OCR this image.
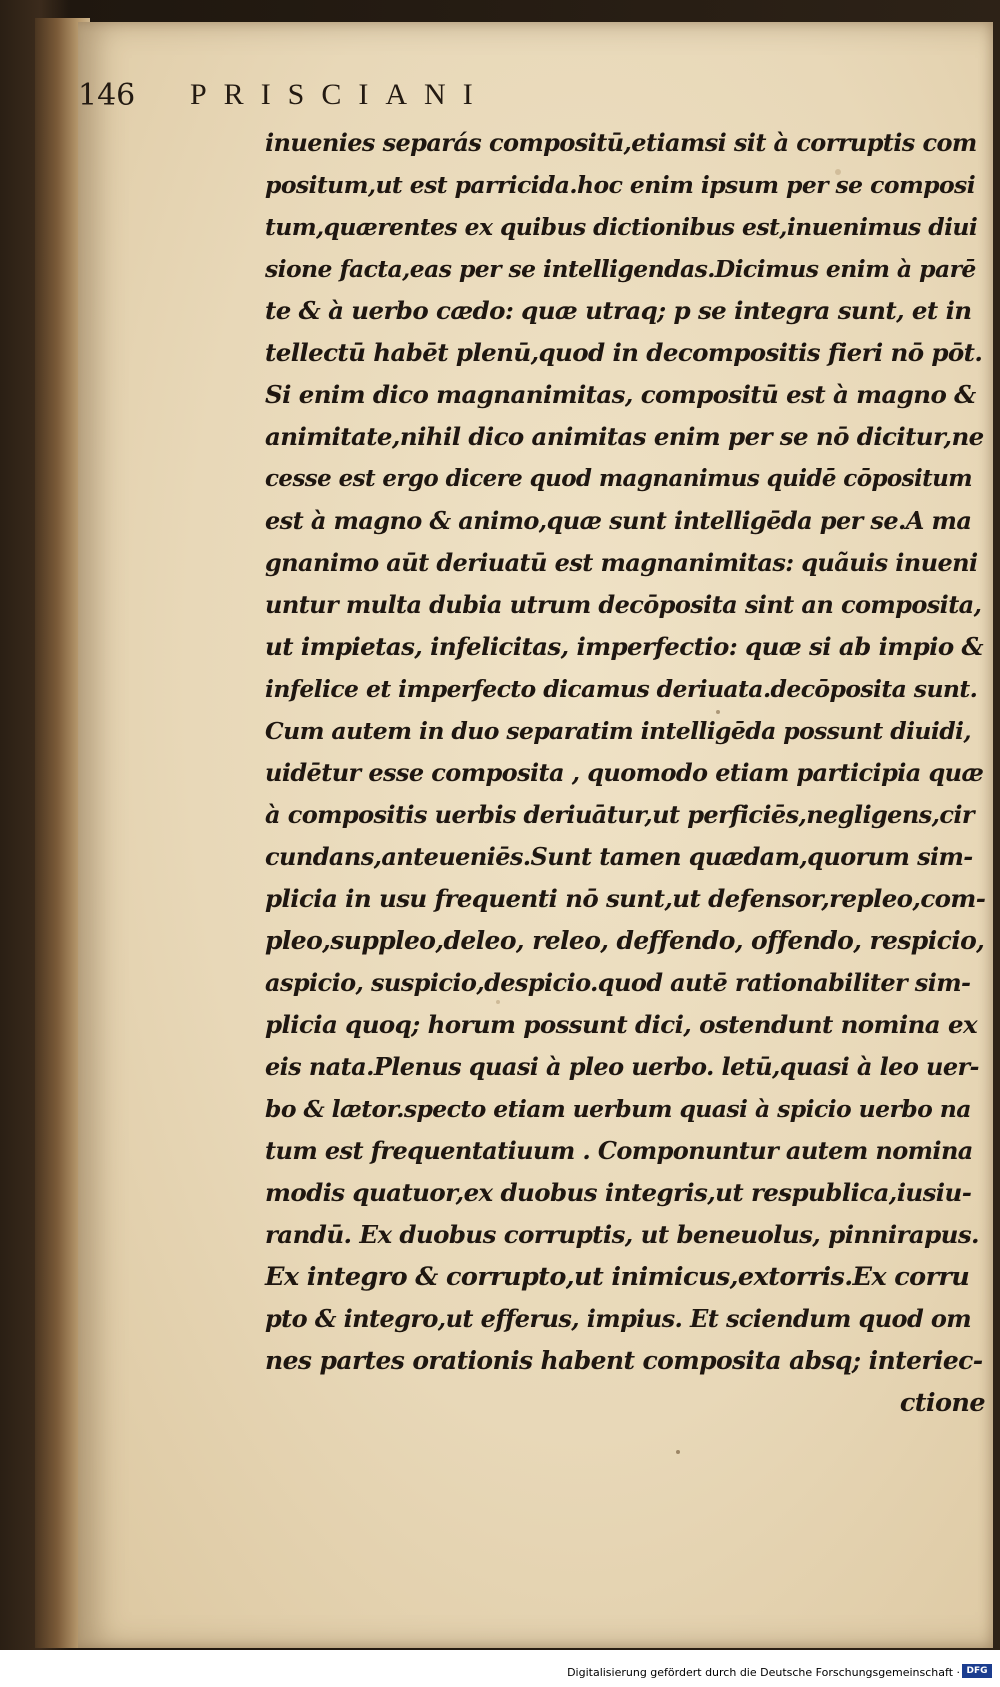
146 PRISCIANI
inuenies separás compositū,etiamsi sit à corruptis com
positum,ut est parricida.hoc enim ipsum per se composi
tum,quærentes ex quibus dictionibus est,inuenimus diui
sione facta,eas per se intelligendas.Dicimus enim à parē
te & à uerbo cædo: quæ utraq; p se integra sunt, et in
tellectū habēt plenū,quod in decompositis fieri nō pōt.
Si enim dico magnanimitas, compositū est à magno &
animitate,nihil dico animitas enim per se nō dicitur,ne
cesse est ergo dicere quod magnanimus quidē cōpositum
est à magno & animo,quæ sunt intelligēda per se.A ma
gnanimo aūt deriuatū est magnanimitas: quãuis inueni
untur multa dubia utrum decōposita sint an composita,
ut impietas, infelicitas, imperfectio: quæ si ab impio &
infelice et imperfecto dicamus deriuata.decōposita sunt.
Cum autem in duo separatim intelligēda possunt diuidi,
uidētur esse composita , quomodo etiam participia quæ
à compositis uerbis deriuātur,ut perficiēs,negligens,cir
cundans,anteueniēs.Sunt tamen quædam,quorum sim-
plicia in usu frequenti nō sunt,ut defensor,repleo,com-
pleo,suppleo,deleo, releo, deffendo, offendo, respicio,
aspicio, suspicio,despicio.quod autē rationabiliter sim-
plicia quoq; horum possunt dici, ostendunt nomina ex
eis nata.Plenus quasi à pleo uerbo. letū,quasi à leo uer-
bo & lætor.specto etiam uerbum quasi à spicio uerbo na
tum est frequentatiuum . Componuntur autem nomina
modis quatuor,ex duobus integris,ut respublica,iusiu-
randū. Ex duobus corruptis, ut beneuolus, pinnirapus.
Ex integro & corrupto,ut inimicus,extorris.Ex corru
pto & integro,ut efferus, impius. Et sciendum quod om
nes partes orationis habent composita absq; interiec-
ctione
Digitalisierung gefördert durch die Deutsche Forschungsgemeinschaft · DFG
